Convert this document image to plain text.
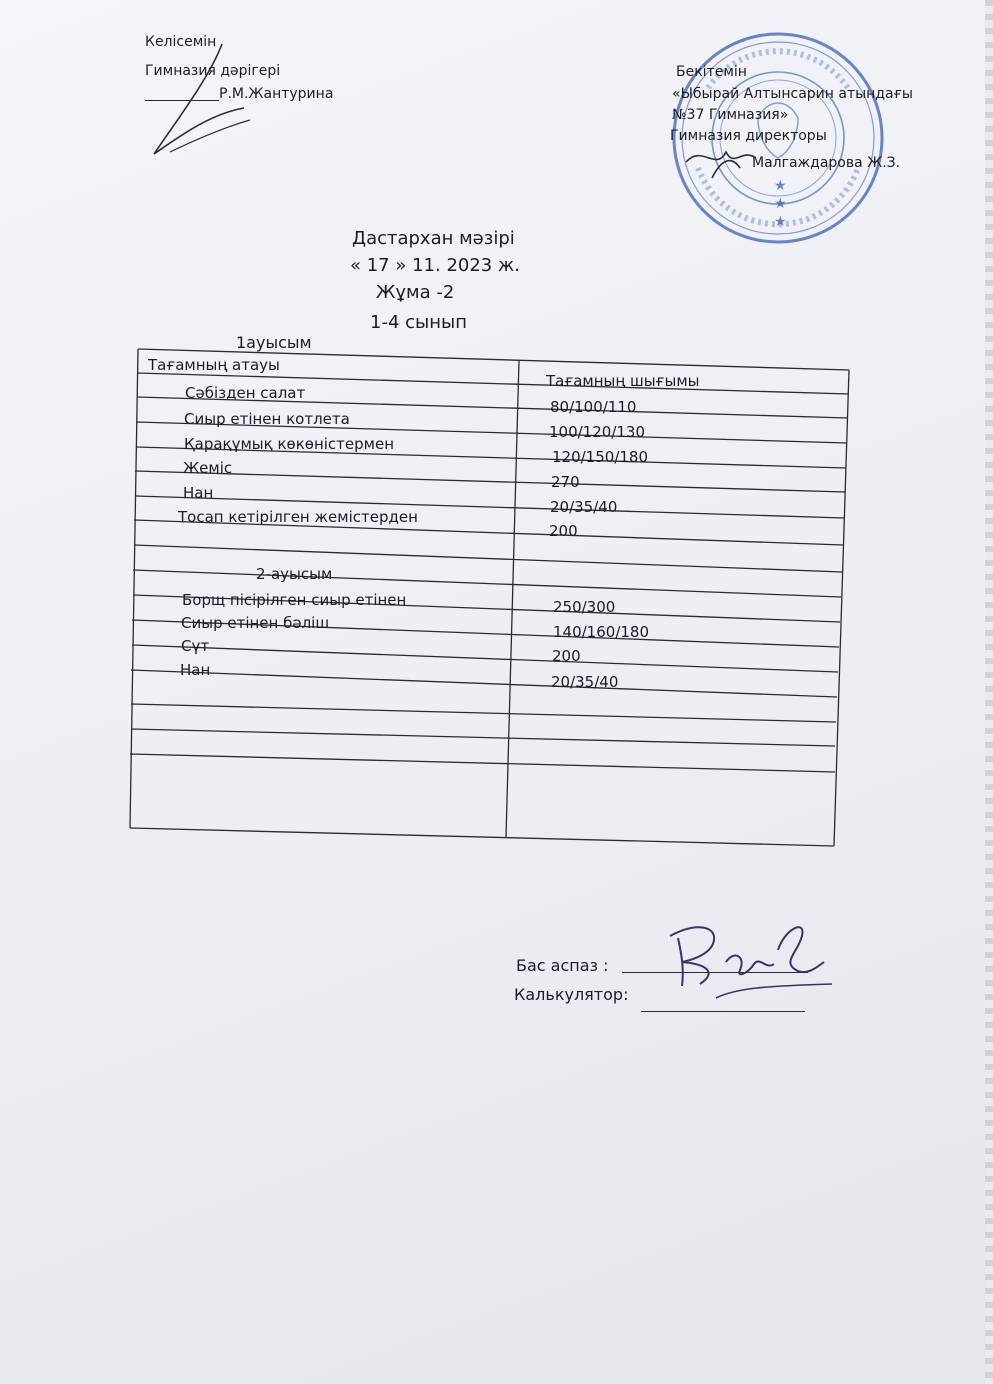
Келісемін
Гимназия дәрігері
Р.М.Жантурина
★
★
★
Бекітемін
«Ыбырай Алтынсарин атындағы
№37 Гимназия»
Гимназия директоры
Малгаждарова Ж.З.
Дастархан мәзірі
« 17 » 11. 2023 ж.
Жұма -2
1-4 сынып
1ауысым
Тағамның атауы
Тағамның шығымы
Сәбізден салат
80/100/110
Сиыр етінен котлета
100/120/130
Қарақұмық көкөністермен
120/150/180
Жеміс
270
Нан
20/35/40
Тосап кетірілген жемістерден
200
2-ауысым
Борщ пісірілген сиыр етінен	250/300
Сиыр етінен бәліш	140/160/180
Сүт
200
Нан
20/35/40
Бас аспаз :
Калькулятор:
